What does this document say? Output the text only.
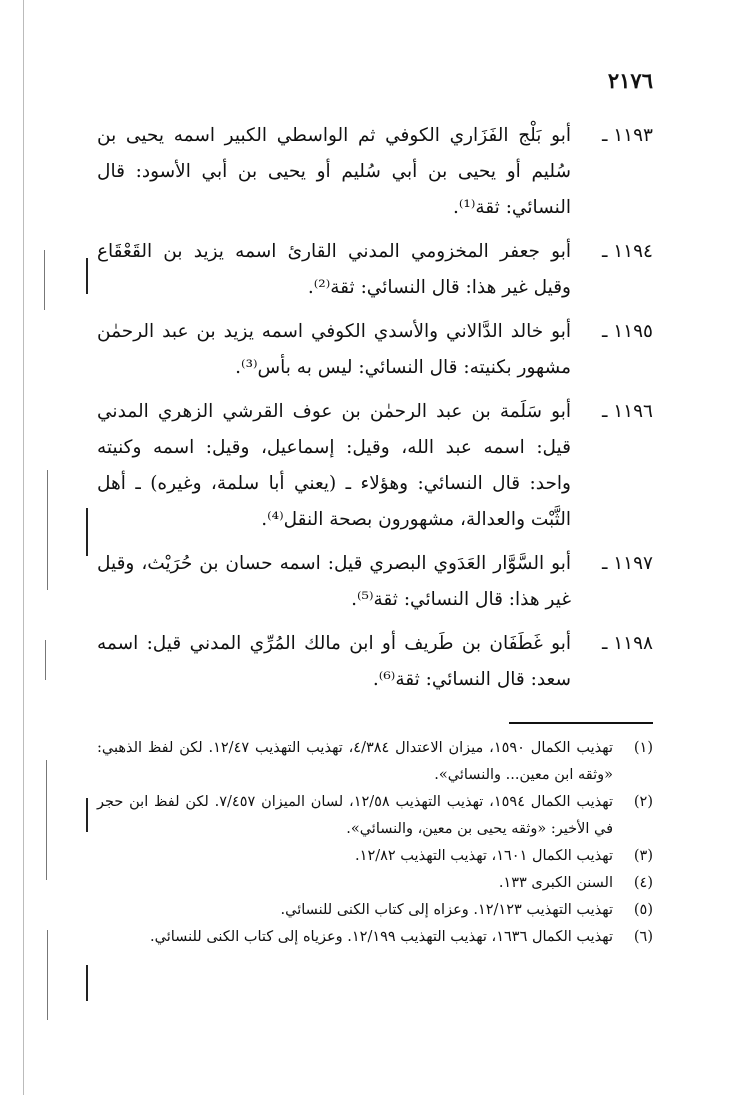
٢١٧٦
١١٩٣ ـ
أبو بَلْج الفَزَاري الكوفي ثم الواسطي الكبير اسمه يحيى بن سُليم أو يحيى بن أبي سُليم أو يحيى بن أبي الأسود: قال النسائي: ثقة⁽¹⁾.
١١٩٤ ـ
أبو جعفر المخزومي المدني القارئ اسمه يزيد بن القَعْقَاع وقيل غير هذا: قال النسائي: ثقة⁽²⁾.
١١٩٥ ـ
أبو خالد الدَّالاني والأسدي الكوفي اسمه يزيد بن عبد الرحمٰن مشهور بكنيته: قال النسائي: ليس به بأس⁽³⁾.
١١٩٦ ـ
أبو سَلَمة بن عبد الرحمٰن بن عوف القرشي الزهري المدني قيل: اسمه عبد الله، وقيل: إسماعيل، وقيل: اسمه وكنيته واحد: قال النسائي: وهؤلاء ـ (يعني أبا سلمة، وغيره) ـ أهل الثَّبْت والعدالة، مشهورون بصحة النقل⁽⁴⁾.
١١٩٧ ـ
أبو السَّوَّار العَدَوي البصري قيل: اسمه حسان بن حُرَيْث، وقيل غير هذا: قال النسائي: ثقة⁽⁵⁾.
١١٩٨ ـ
أبو غَطَفَان بن طَريف أو ابن مالك المُرِّي المدني قيل: اسمه سعد: قال النسائي: ثقة⁽⁶⁾.
(١)
تهذيب الكمال ١٥٩٠، ميزان الاعتدال ٤/٣٨٤، تهذيب التهذيب ١٢/٤٧. لكن لفظ الذهبي: «وثقه ابن معين... والنسائي».
(٢)
تهذيب الكمال ١٥٩٤، تهذيب التهذيب ١٢/٥٨، لسان الميزان ٧/٤٥٧. لكن لفظ ابن حجر في الأخير: «وثقه يحيى بن معين، والنسائي».
(٣)
تهذيب الكمال ١٦٠١، تهذيب التهذيب ١٢/٨٢.
(٤)
السنن الكبرى ١٣٣.
(٥)
تهذيب التهذيب ١٢/١٢٣. وعزاه إلى كتاب الكنى للنسائي.
(٦)
تهذيب الكمال ١٦٣٦، تهذيب التهذيب ١٢/١٩٩. وعزياه إلى كتاب الكنى للنسائي.
